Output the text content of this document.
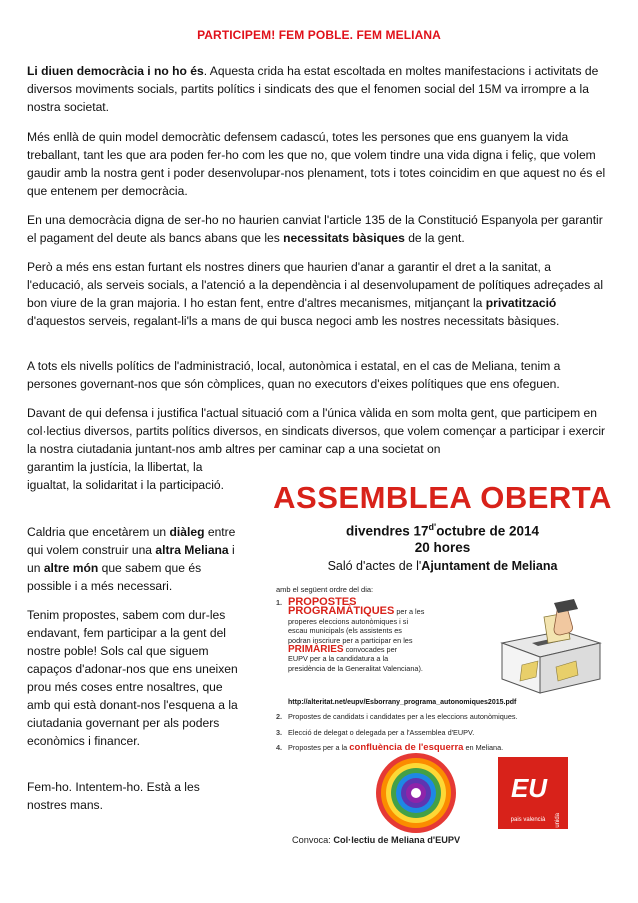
PARTICIPEM! FEM POBLE. FEM MELIANA

Li diuen democràcia i no ho és. Aquesta crida ha estat escoltada en moltes manifestacions i activitats de diversos moviments socials, partits polítics i sindicats des que el fenomen social del 15M va irrompre a la nostra societat.

Més enllà de quin model democràtic defensem cadascú, totes les persones que ens guanyem la vida treballant, tant les que ara poden fer-ho com les que no, que volem tindre una vida digna i feliç, que volem gaudir amb la nostra gent i poder desenvolupar-nos plenament, tots i totes coincidim en que aquest no és el que entenem per democràcia.

En una democràcia digna de ser-ho no haurien canviat l'article 135 de la Constitució Espanyola per garantir el pagament del deute als bancs abans que les necessitats bàsiques de la gent.

Però a més ens estan furtant els nostres diners que haurien d'anar a garantir el dret a la sanitat, a l'educació, als serveis socials, a l'atenció a la dependència i al desenvolupament de polítiques adreçades al bon viure de la gran majoria. I ho estan fent, entre d'altres mecanismes, mitjançant la privatització d'aquestos serveis, regalant-li'ls a mans de qui busca negoci amb les nostres necessitats bàsiques.

A tots els nivells polítics de l'administració, local, autonòmica i estatal, en el cas de Meliana, tenim a persones governant-nos que són còmplices, quan no executors d'eixes polítiques que ens ofeguen.

Davant de qui defensa i justifica l'actual situació com a l'única vàlida en som molta gent, que participem en col·lectius diversos, partits polítics diversos, en sindicats diversos, que volem començar a participar i exercir la nostra ciutadania juntant-nos amb altres per caminar cap a una societat on

garantim la justícia, la llibertat, la igualtat, la solidaritat i la participació.

Caldria que encetàrem un diàleg entre qui volem construir una altra Meliana i un altre món que sabem que és possible i a més necessari.

Tenim propostes, sabem com dur-les endavant, fem participar a la gent del nostre poble! Sols cal que siguem capaços d'adonar-nos que ens uneixen prou més coses entre nosaltres, que amb qui està donant-nos l'esquena a la ciutadania governant per als poders econòmics i financer.

Fem-ho. Intentem-ho. Està a les nostres mans.

ASSEMBLEA OBERTA
divendres $17^{d'}octubre$ de 2014
20 hores
Saló d'actes de l'Ajuntament de Meliana
amb el següent ordre del dia:
1. PROPOSTES
PROGRAMÀTIQUES per a les
properes eleccions autonòmiques i si
escau municipals (els assistents es
podran inscriure per a participar en les
PRIMÀRIES convocades per
EUPV per a la candidatura a la
presidència de la Generalitat Valenciana).
http://alteritat.net/eupv/Esborrany_programa_autonomiques2015.pdf
2. Propostes de candidats i candidates per a les eleccions autonòmiques.
3. Elecció de delegat o delegada per a l'Assemblea d'EUPV.
4. Propostes per a la confluència de l'esquerra en Meliana.
EU
esquerra unida
pais valencià
Convoca: Col·lectiu de Meliana d'EUPV
